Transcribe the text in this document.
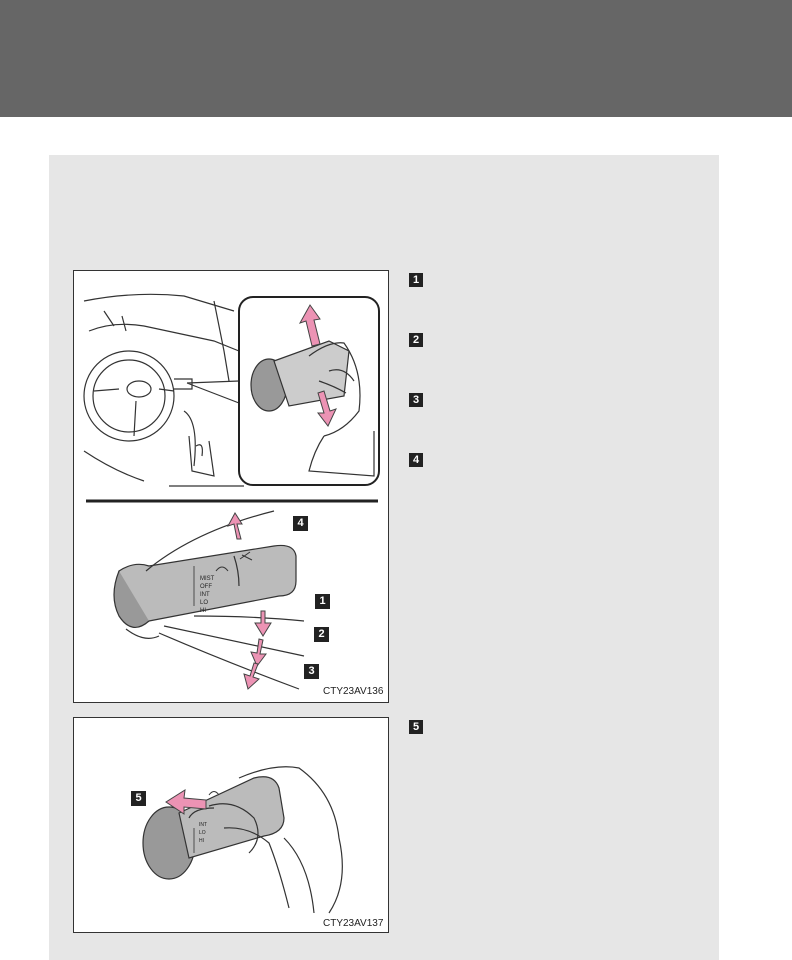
MIST
OFF
INT
LO
HI
4
1
2
3
CTY23AV136
INT
LO
HI
5
CTY23AV137
1
2
3
4
5
